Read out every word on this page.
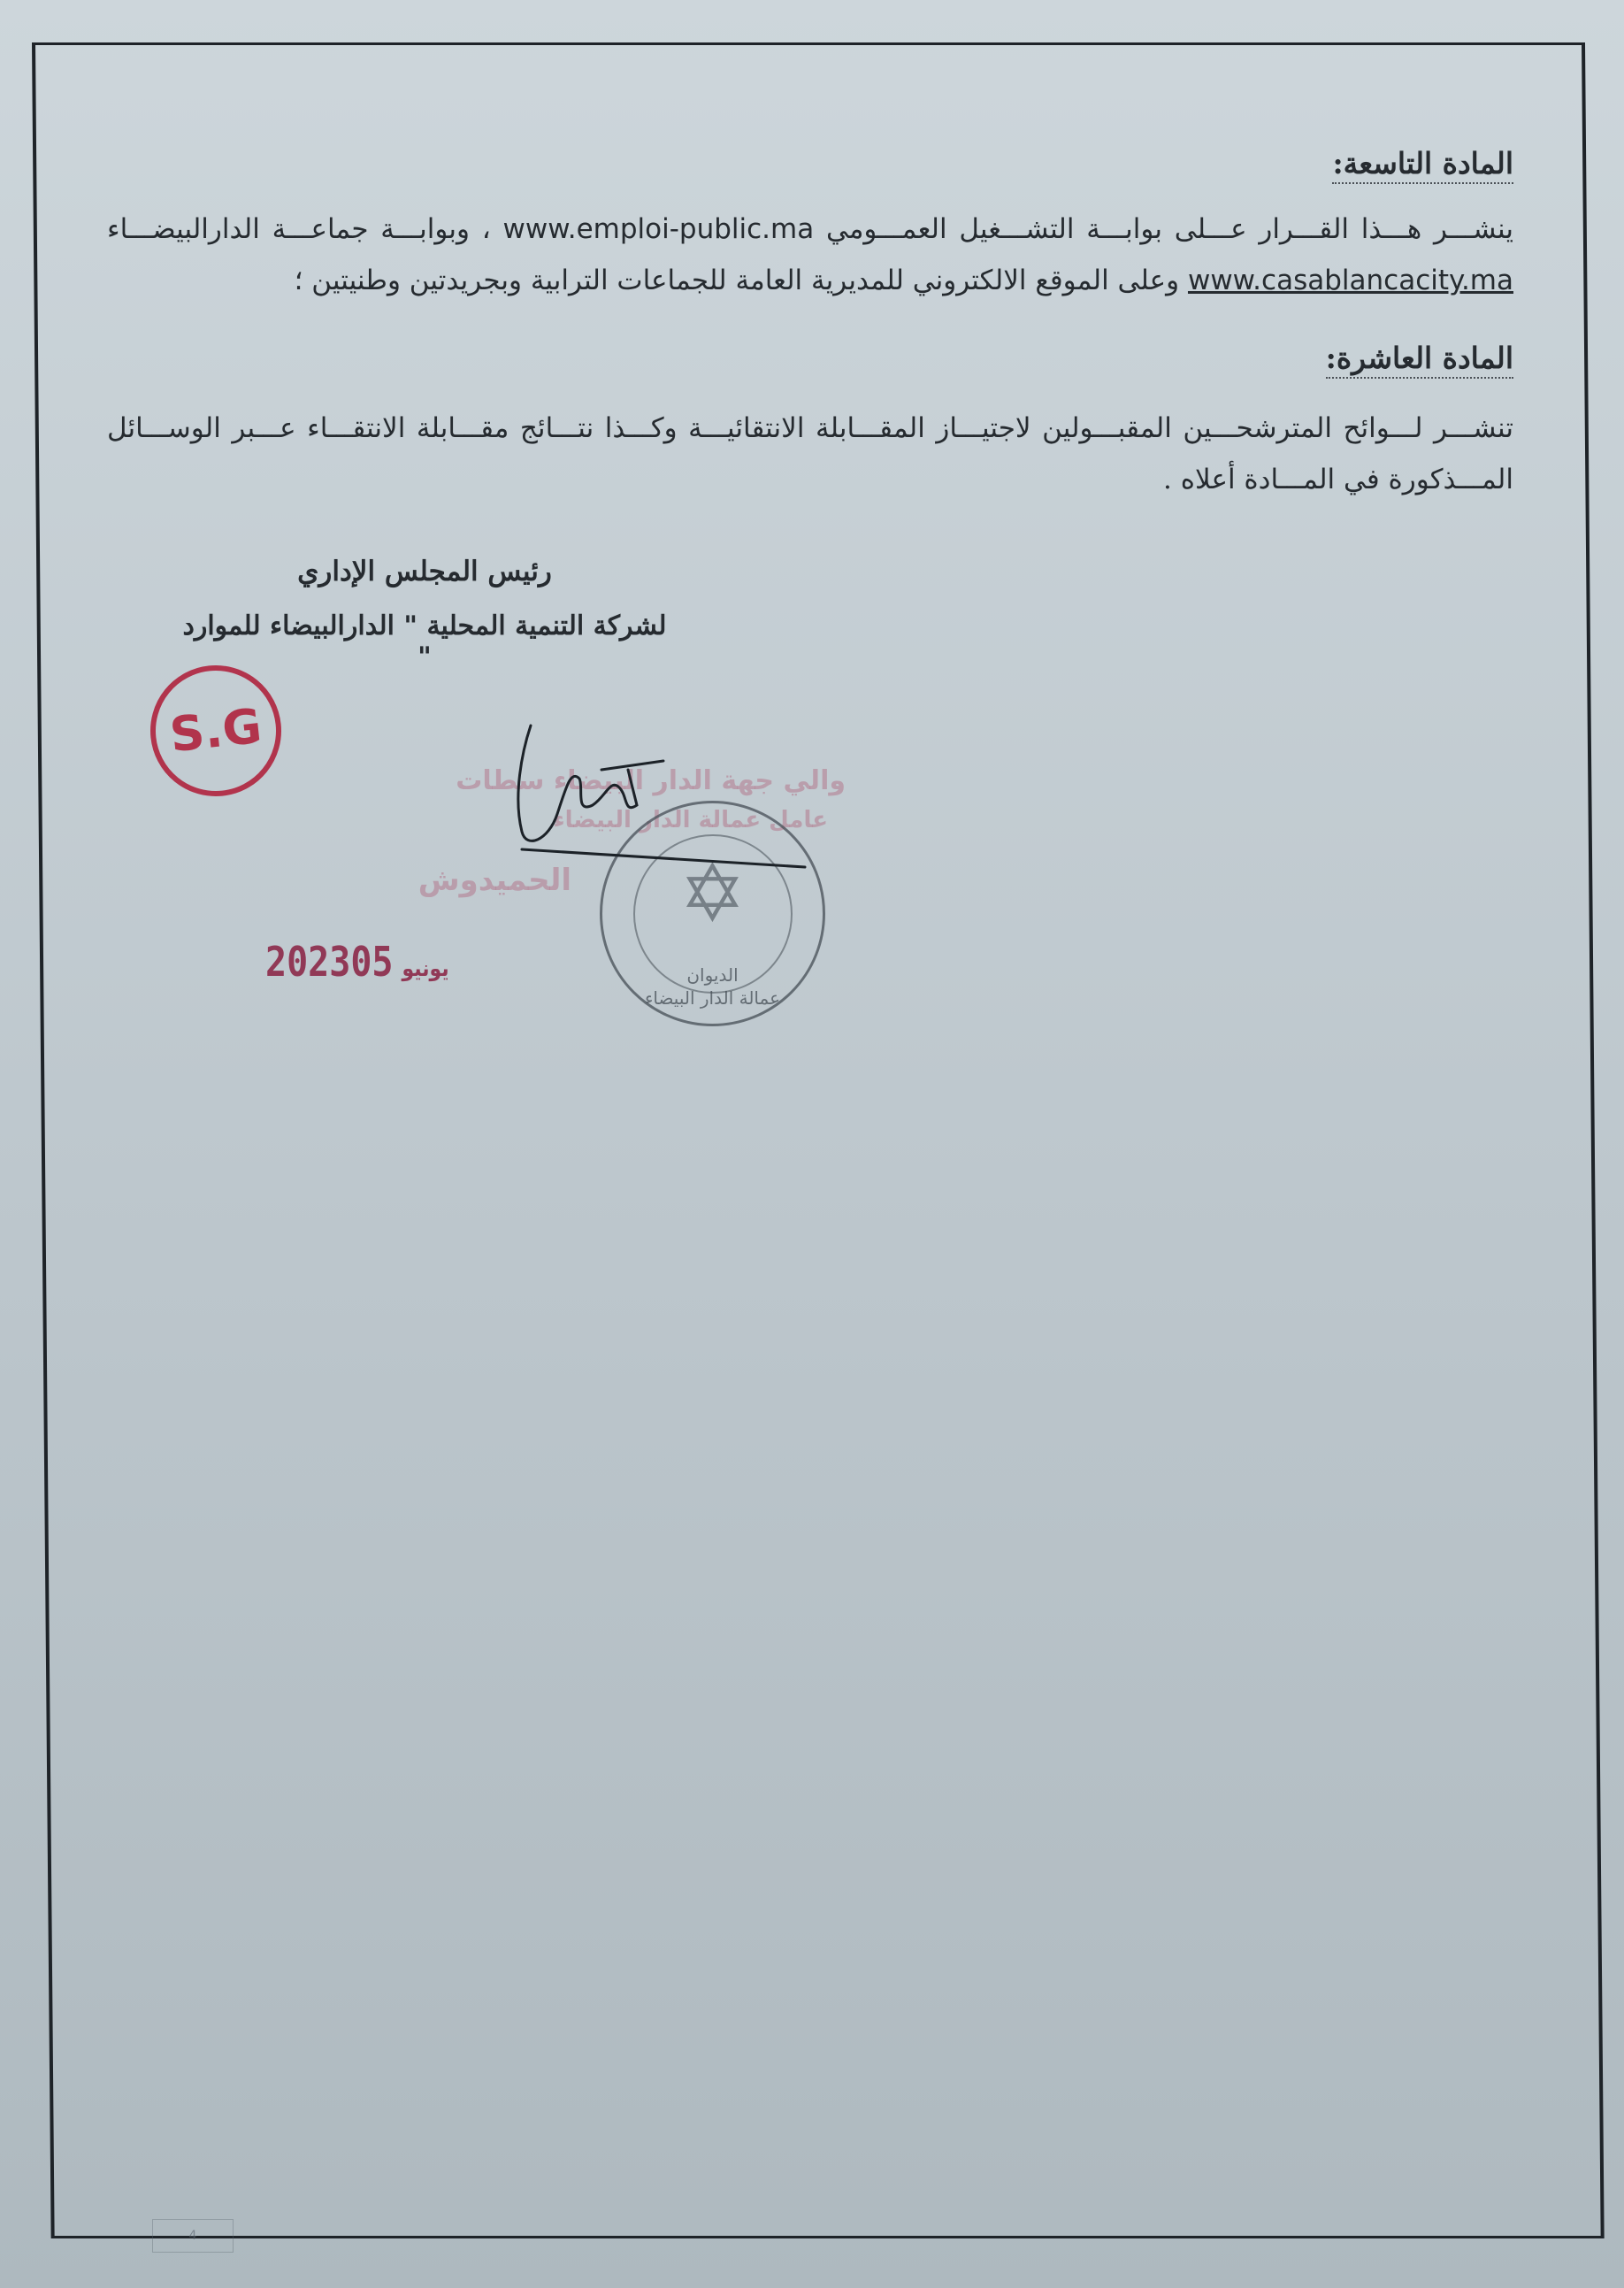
المادة التاسعة:
ينشـــر هـــذا القـــرار عـــلى بوابـــة التشـــغيل العمـــومي www.emploi-public.ma ، وبوابـــة جماعـــة الدارالبيضـــاء www.casablancacity.ma وعلى الموقع الالكتروني للمديرية العامة للجماعات الترابية وبجريدتين وطنيتين ؛
المادة العاشرة:
تنشـــر لـــوائح المترشحـــين المقبـــولين لاجتيـــاز المقـــابلة الانتقائيـــة وكـــذا نتـــائج مقـــابلة الانتقـــاء عـــبر الوســـائل المـــذكورة في المـــادة أعلاه .
رئيس المجلس الإداري
لشركة التنمية المحلية " الدارالبيضاء للموارد "
S.G
والي جهة الدار البيضاء سطات
عامل عمالة الدار البيضاء
الحميدوش	✡
الديوان
عمالة الدار البيضاء
2023	يونيو05
4
